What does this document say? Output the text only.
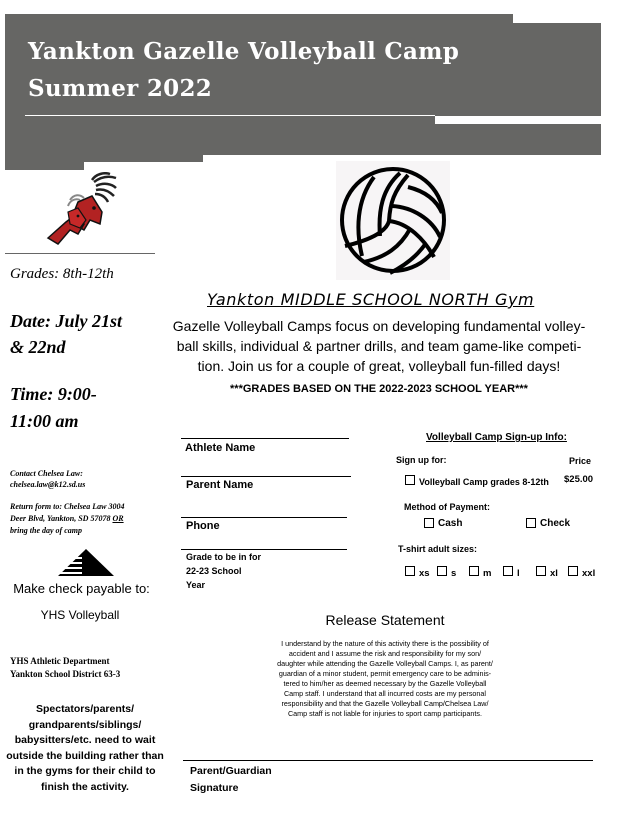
Yankton Gazelle Volleyball Camp
Summer 2022
Grades: 8th-12th
Date: July 21st
& 22nd
Time: 9:00-
11:00 am
Contact Chelsea Law:
chelsea.law@k12.sd.us
Return form to: Chelsea Law 3004
Deer Blvd, Yankton, SD 57078 OR
bring the day of camp
Make check payable to:
YHS Volleyball
YHS Athletic Department
Yankton School District 63-3
Spectators/parents/ grandparents/siblings/ babysitters/etc. need to wait outside the building rather than in the gyms for their child to finish the activity.
Yankton MIDDLE SCHOOL NORTH Gym
Gazelle Volleyball Camps focus on developing fundamental volley-
ball skills, individual & partner drills, and team game-like competi-
tion. Join us for a couple of great, volleyball fun-filled days!
***GRADES BASED ON THE 2022-2023 SCHOOL YEAR***
Athlete Name
Parent Name
Phone
Grade to be in for
22-23 School
Year
Volleyball Camp Sign-up Info:
Sign up for:	Price
Volleyball Camp grades 8-12th $25.00
Method of Payment:
Cash	Check
T-shirt adult sizes:
xs	s	m	l	xl	xxl
Release Statement
I understand by the nature of this activity there is the possibility of
accident and I assume the risk and responsibility for my son/
daughter while attending the Gazelle Volleyball Camps. I, as parent/
guardian of a minor student, permit emergency care to be adminis-
tered to him/her as deemed necessary by the Gazelle Volleyball
Camp staff. I understand that all incurred costs are my personal
responsibility and that the Gazelle Volleyball Camp/Chelsea Law/
Camp staff is not liable for injuries to sport camp participants.
Parent/Guardian
Signature
